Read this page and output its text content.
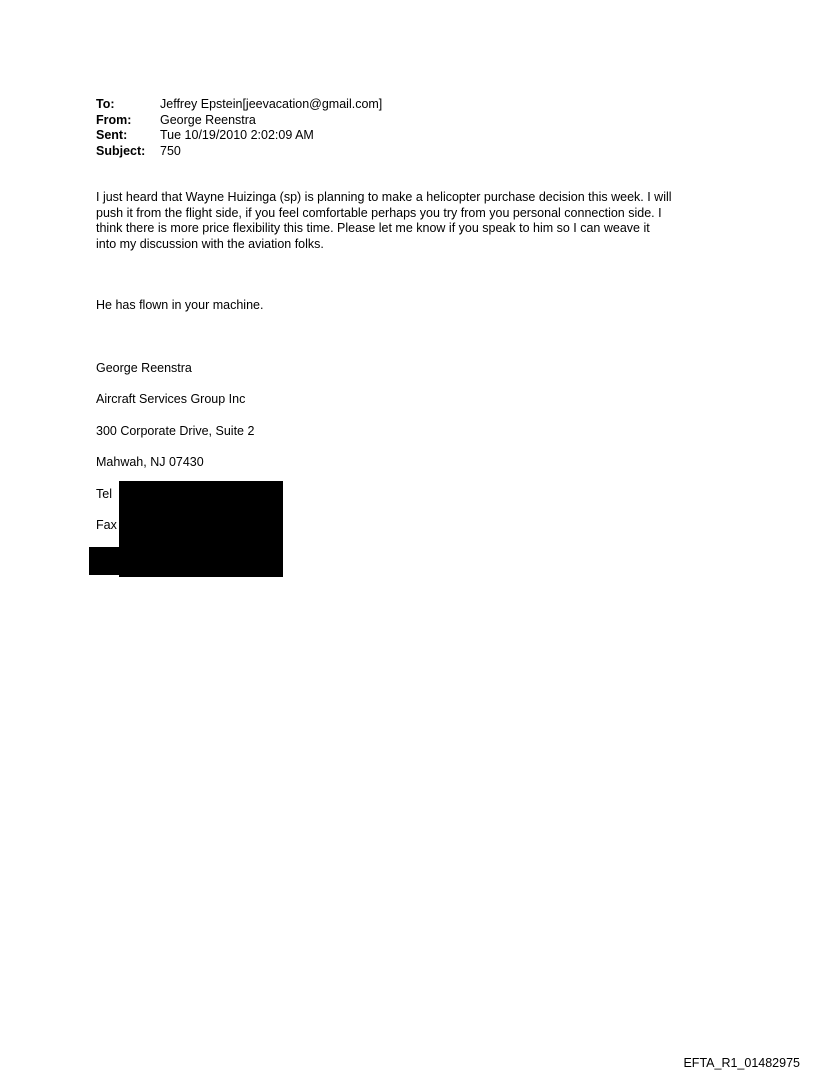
To:	Jeffrey Epstein[jeevacation@gmail.com]
From:	George Reenstra
Sent:	Tue 10/19/2010 2:02:09 AM
Subject:	750
I just heard that Wayne Huizinga (sp) is planning to make a helicopter purchase decision this week. I will
push it from the flight side, if you feel comfortable perhaps you try from you personal connection side. I
think there is more price flexibility this time. Please let me know if you speak to him so I can weave it
into my discussion with the aviation folks.
He has flown in your machine.
George Reenstra
Aircraft Services Group Inc
300 Corporate Drive, Suite 2
Mahwah, NJ 07430
Tel
Fax
EFTA_R1_01482975
